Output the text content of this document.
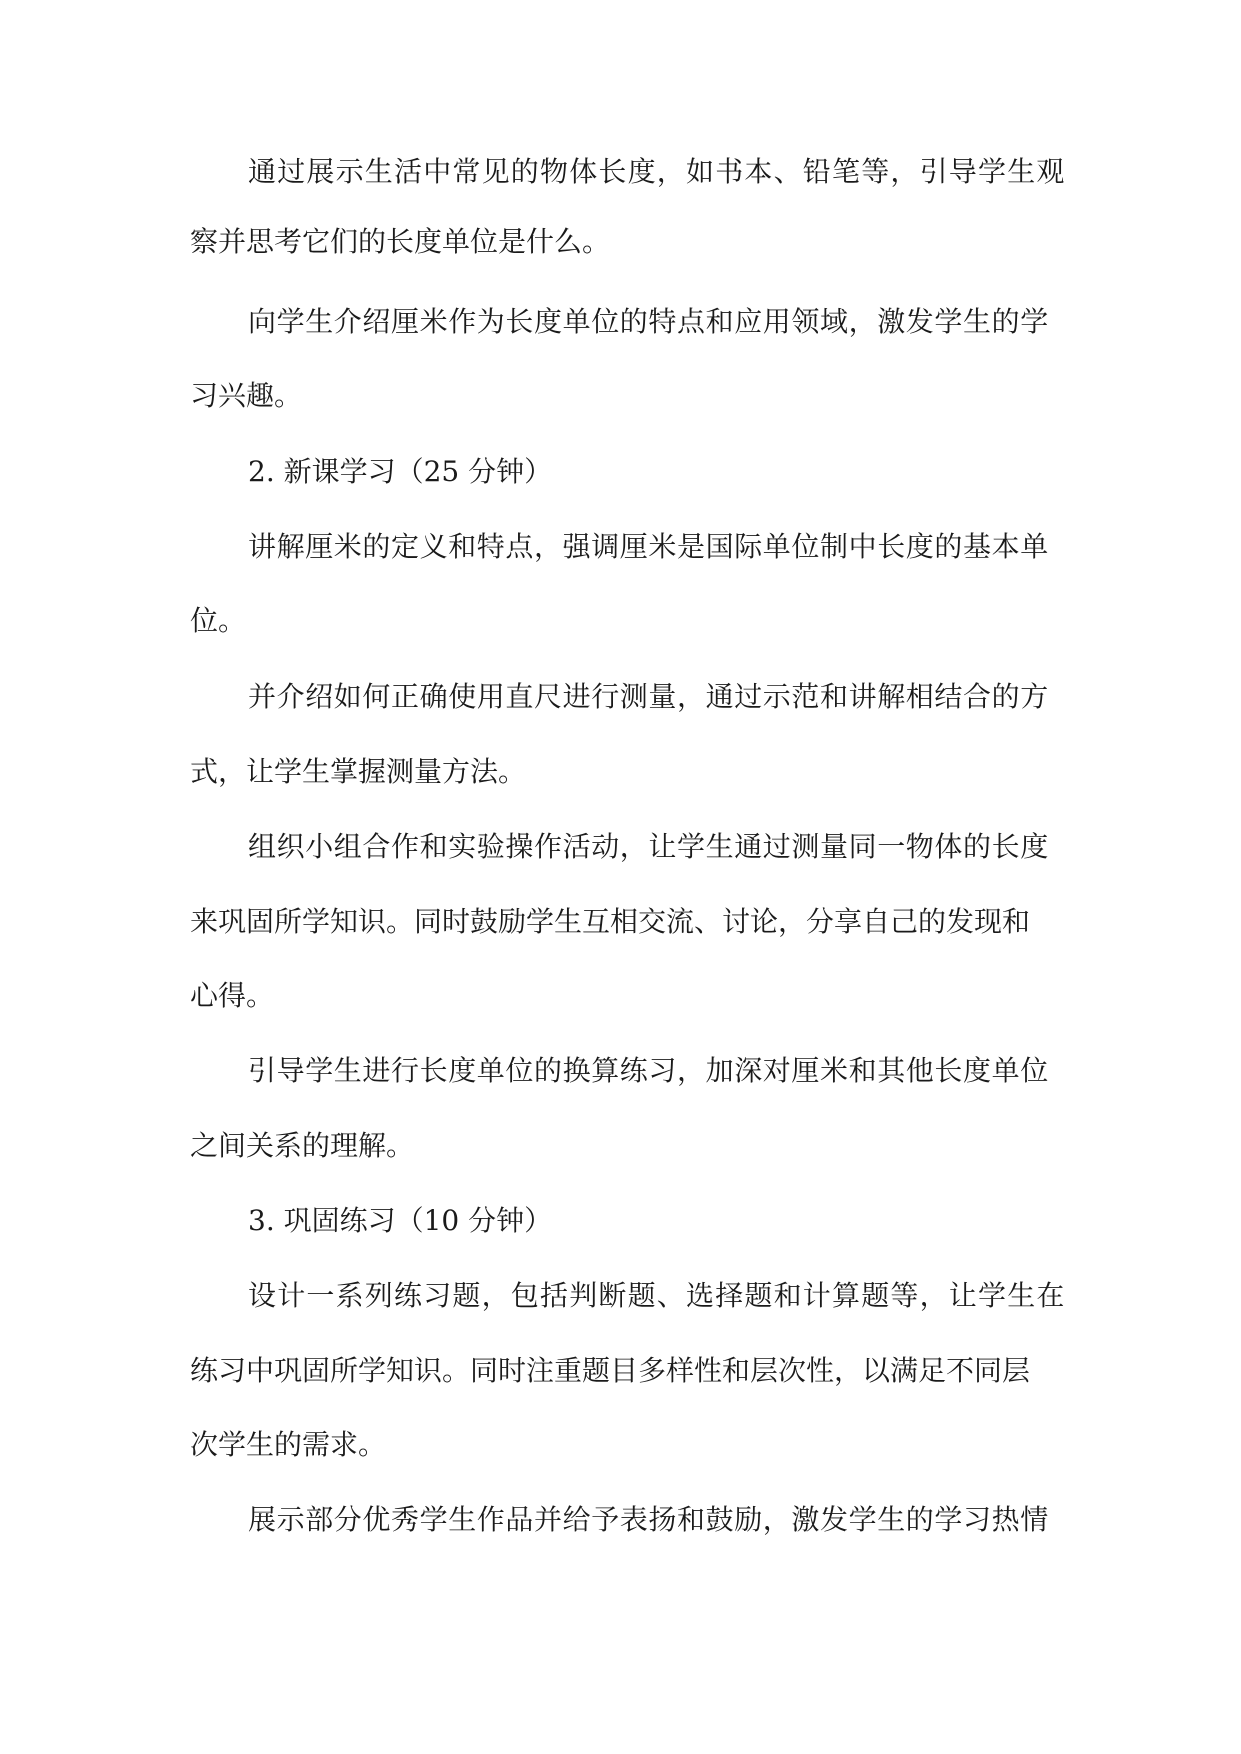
通过展示生活中常见的物体长度，如书本、铅笔等，引导学生观
察并思考它们的长度单位是什么。
向学生介绍厘米作为长度单位的特点和应用领域，激发学生的学
习兴趣。
2. 新课学习（25 分钟）
讲解厘米的定义和特点，强调厘米是国际单位制中长度的基本单
位。
并介绍如何正确使用直尺进行测量，通过示范和讲解相结合的方
式，让学生掌握测量方法。
组织小组合作和实验操作活动，让学生通过测量同一物体的长度
来巩固所学知识。同时鼓励学生互相交流、讨论，分享自己的发现和
心得。
引导学生进行长度单位的换算练习，加深对厘米和其他长度单位
之间关系的理解。
3. 巩固练习（10 分钟）
设计一系列练习题，包括判断题、选择题和计算题等，让学生在
练习中巩固所学知识。同时注重题目多样性和层次性，以满足不同层
次学生的需求。
展示部分优秀学生作品并给予表扬和鼓励，激发学生的学习热情
